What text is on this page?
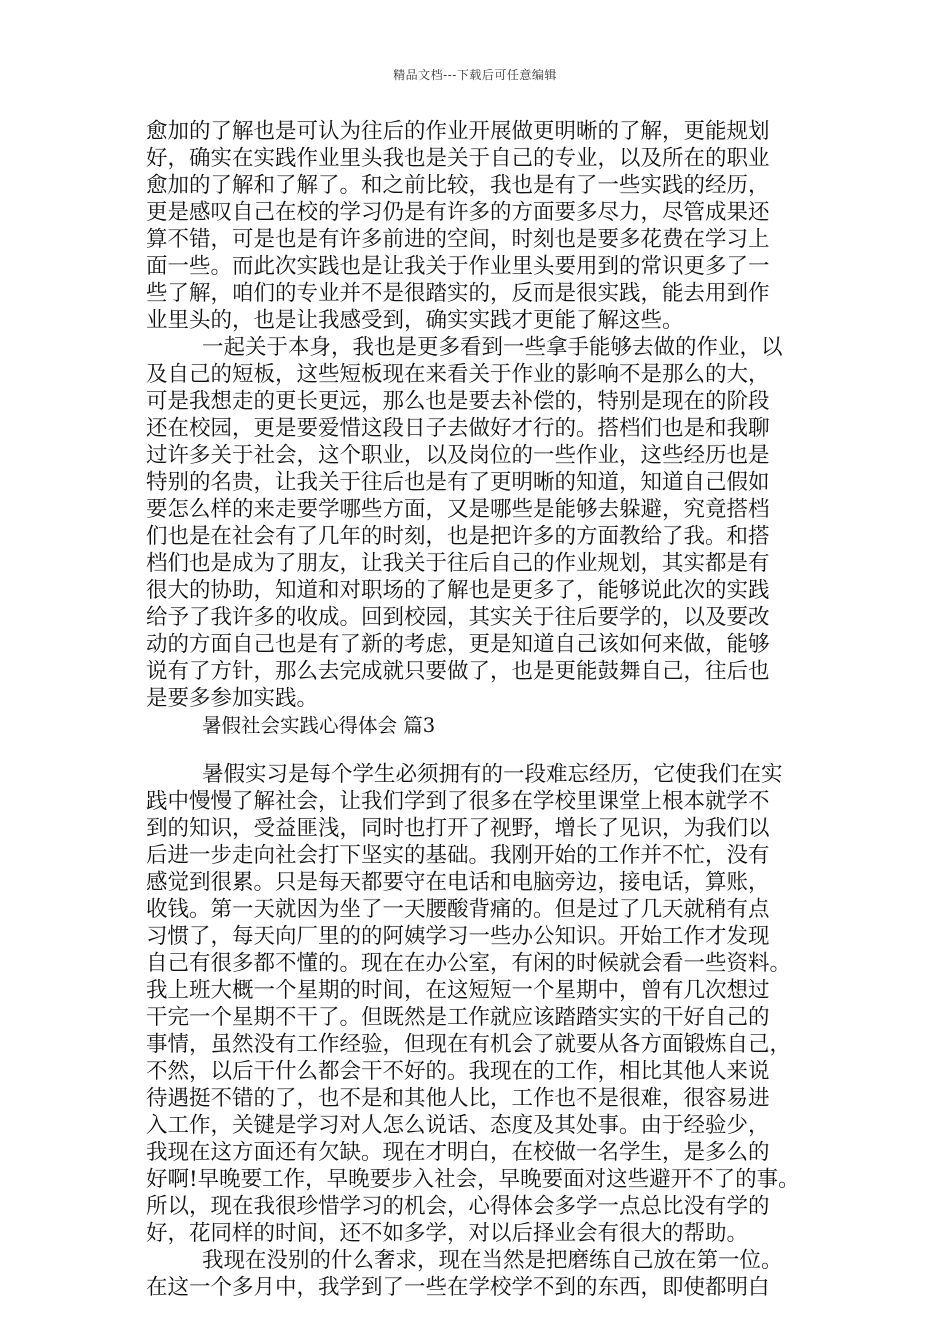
精品文档---下载后可任意编辑
愈加的了解也是可认为往后的作业开展做更明晰的了解，更能规划
好，确实在实践作业里头我也是关于自己的专业，以及所在的职业
愈加的了解和了解了。和之前比较，我也是有了一些实践的经历，
更是感叹自己在校的学习仍是有许多的方面要多尽力，尽管成果还
算不错，可是也是有许多前进的空间，时刻也是要多花费在学习上
面一些。而此次实践也是让我关于作业里头要用到的常识更多了一
些了解，咱们的专业并不是很踏实的，反而是很实践，能去用到作
业里头的，也是让我感受到，确实实践才更能了解这些。
一起关于本身，我也是更多看到一些拿手能够去做的作业，以
及自己的短板，这些短板现在来看关于作业的影响不是那么的大，
可是我想走的更长更远，那么也是要去补偿的，特别是现在的阶段
还在校园，更是要爱惜这段日子去做好才行的。搭档们也是和我聊
过许多关于社会，这个职业，以及岗位的一些作业，这些经历也是
特别的名贵，让我关于往后也是有了更明晰的知道，知道自己假如
要怎么样的来走要学哪些方面，又是哪些是能够去躲避，究竟搭档
们也是在社会有了几年的时刻，也是把许多的方面教给了我。和搭
档们也是成为了朋友，让我关于往后自己的作业规划，其实都是有
很大的协助，知道和对职场的了解也是更多了，能够说此次的实践
给予了我许多的收成。回到校园，其实关于往后要学的，以及要改
动的方面自己也是有了新的考虑，更是知道自己该如何来做，能够
说有了方针，那么去完成就只要做了，也是更能鼓舞自己，往后也
是要多参加实践。
暑假社会实践心得体会 篇3
暑假实习是每个学生必须拥有的一段难忘经历，它使我们在实
践中慢慢了解社会，让我们学到了很多在学校里课堂上根本就学不
到的知识，受益匪浅，同时也打开了视野，增长了见识，为我们以
后进一步走向社会打下坚实的基础。我刚开始的工作并不忙，没有
感觉到很累。只是每天都要守在电话和电脑旁边，接电话，算账，
收钱。第一天就因为坐了一天腰酸背痛的。但是过了几天就稍有点
习惯了，每天向厂里的的阿姨学习一些办公知识。开始工作才发现
自己有很多都不懂的。现在在办公室，有闲的时候就会看一些资料。
我上班大概一个星期的时间，在这短短一个星期中，曾有几次想过
干完一个星期不干了。但既然是工作就应该踏踏实实的干好自己的
事情，虽然没有工作经验，但现在有机会了就要从各方面锻炼自己，
不然，以后干什么都会干不好的。我现在的工作，相比其他人来说
待遇挺不错的了，也不是和其他人比，工作也不是很难，很容易进
入工作，关键是学习对人怎么说话、态度及其处事。由于经验少，
我现在这方面还有欠缺。现在才明白，在校做一名学生，是多么的
好啊!早晚要工作，早晚要步入社会，早晚要面对这些避开不了的事。
所以，现在我很珍惜学习的机会，心得体会多学一点总比没有学的
好，花同样的时间，还不如多学，对以后择业会有很大的帮助。
我现在没别的什么奢求，现在当然是把磨练自己放在第一位。
在这一个多月中，我学到了一些在学校学不到的东西，即使都明白
